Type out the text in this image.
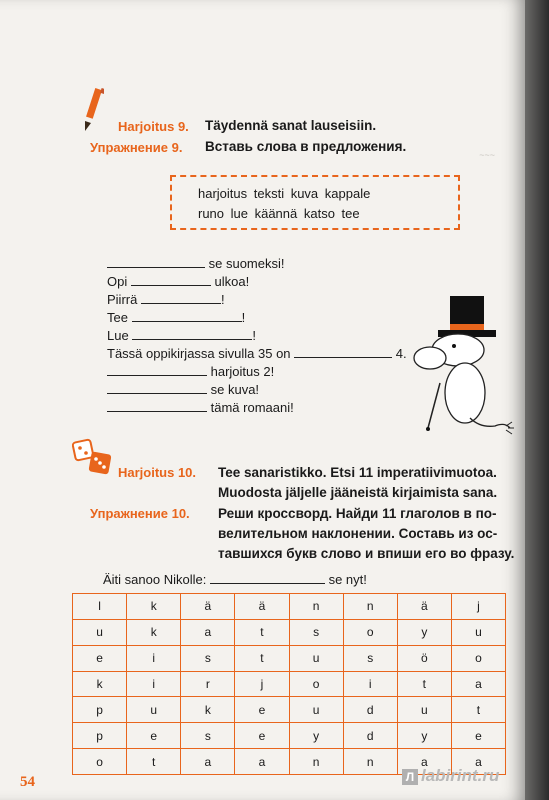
~~~
Harjoitus 9. Täydennä sanat lauseisiin.
Упражнение 9. Вставь слова в предложения.
harjoitus teksti kuva kappale
runo lue käännä katso tee
se suomeksi!
Opi	ulkoa!
Piirrä	!
Tee	!
Lue	!
Tässä oppikirjassa sivulla 35 on	4.
harjoitus 2!
se kuva!
tämä romaani!
Harjoitus 10. Tee sanaristikko. Etsi 11 imperatiivimuotoa.
Muodosta jäljelle jääneistä kirjaimista sana.
Упражнение 10. Реши кроссворд. Найди 11 глаголов в по-
велительном наклонении. Составь из ос-
тавшихся букв слово и впиши его во фразу.
Äiti sanoo Nikolle:	se nyt!
l	k	ä	ä	n	n	ä	j
u	k	a	t	s	o	y	u
e	i	s	t	u	s	ö	o
k	i	r	j	o	i	t	a
p	u	k	e	u	d	u	t
p	e	s	e	y	d	y	e
o	t	a	a	n	n	a	a
54	Л labirint.ru
